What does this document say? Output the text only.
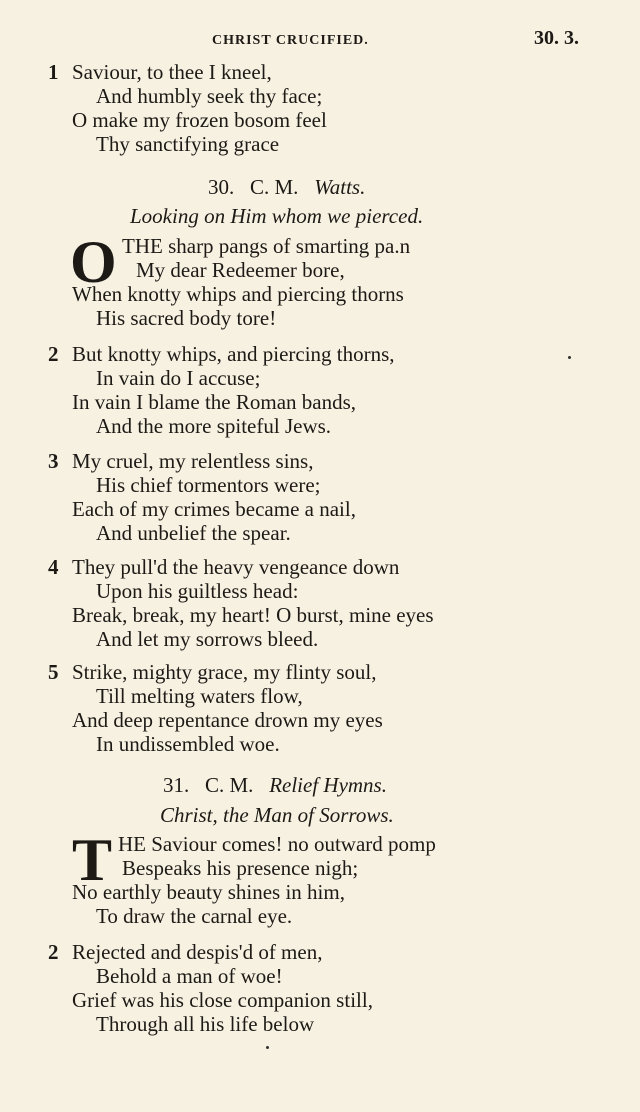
CHRIST CRUCIFIED.	30. 3.
1 Saviour, to thee I kneel,
And humbly seek thy face;
O make my frozen bosom feel
Thy sanctifying grace
30. C. M. Watts.
Looking on Him whom we pierced.
O THE sharp pangs of smarting pa.n
My dear Redeemer bore,
When knotty whips and piercing thorns
His sacred body tore!
2 But knotty whips, and piercing thorns,
In vain do I accuse;
In vain I blame the Roman bands,
And the more spiteful Jews.
3 My cruel, my relentless sins,
His chief tormentors were;
Each of my crimes became a nail,
And unbelief the spear.
4 They pull'd the heavy vengeance down
Upon his guiltless head:
Break, break, my heart! O burst, mine eyes
And let my sorrows bleed.
5 Strike, mighty grace, my flinty soul,
Till melting waters flow,
And deep repentance drown my eyes
In undissembled woe.
31. C. M. Relief Hymns.
Christ, the Man of Sorrows.
T HE Saviour comes! no outward pomp
Bespeaks his presence nigh;
No earthly beauty shines in him,
To draw the carnal eye.
2 Rejected and despis'd of men,
Behold a man of woe!
Grief was his close companion still,
Through all his life below
